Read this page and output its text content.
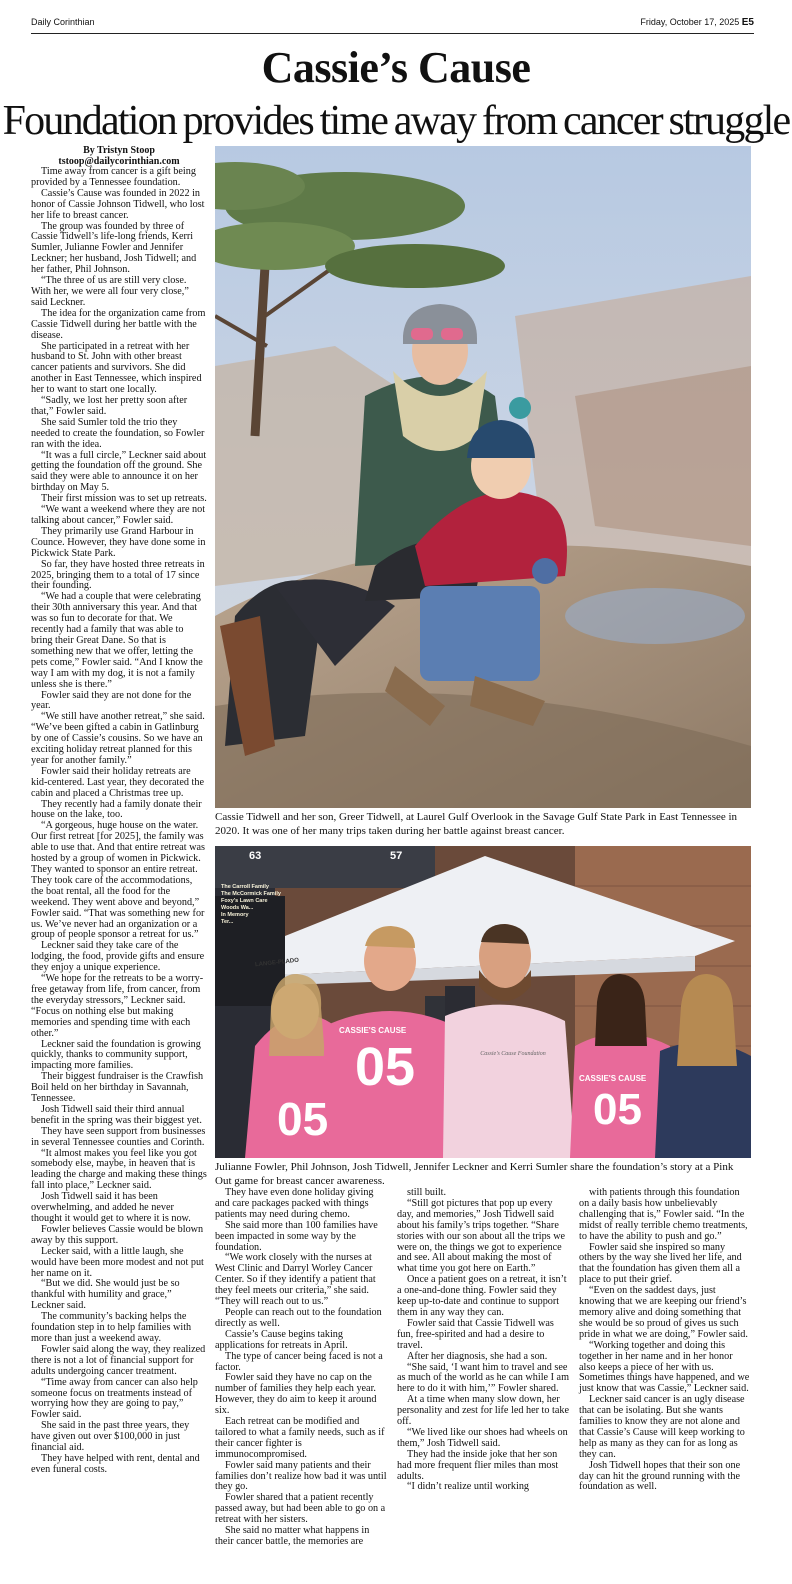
Daily Corinthian	Friday, October 17, 2025 E5
Cassie’s Cause
Foundation provides time away from cancer struggle

By Tristyn Stoop

tstoop@dailycorinthian.com

Time away from cancer is a gift being provided by a Tennessee foundation.

Cassie’s Cause was founded in 2022 in honor of Cassie Johnson Tidwell, who lost her life to breast cancer.

The group was founded by three of Cassie Tidwell’s life-long friends, Kerri Sumler, Julianne Fowler and Jennifer Leckner; her husband, Josh Tidwell; and her father, Phil Johnson.

“The three of us are still very close. With her, we were all four very close,” said Leckner.

The idea for the organization came from Cassie Tidwell during her battle with the disease.

She participated in a retreat with her husband to St. John with other breast cancer patients and survivors. She did another in East Tennessee, which inspired her to want to start one locally.

“Sadly, we lost her pretty soon after that,” Fowler said.

She said Sumler told the trio they needed to create the foundation, so Fowler ran with the idea.

“It was a full circle,” Leckner said about getting the foundation off the ground. She said they were able to announce it on her birthday on May 5.

Their first mission was to set up retreats.

“We want a weekend where they are not talking about cancer,” Fowler said.

They primarily use Grand Harbour in Counce. However, they have done some in Pickwick State Park.

So far, they have hosted three retreats in 2025, bringing them to a total of 17 since their founding.

“We had a couple that were celebrating their 30th anniversary this year. And that was so fun to decorate for that. We recently had a family that was able to bring their Great Dane. So that is something new that we offer, letting the pets come,” Fowler said. “And I know the way I am with my dog, it is not a family unless she is there.”

Fowler said they are not done for the year.

“We still have another retreat,” she said. “We’ve been gifted a cabin in Gatlinburg by one of Cassie’s cousins. So we have an exciting holiday retreat planned for this year for another family.”

Fowler said their holiday retreats are kid-centered. Last year, they decorated the cabin and placed a Christmas tree up.

They recently had a family donate their house on the lake, too.

“A gorgeous, huge house on the water. Our first retreat [for 2025], the family was able to use that. And that entire retreat was hosted by a group of women in Pickwick. They wanted to sponsor an entire retreat. They took care of the accommodations, the boat rental, all the food for the weekend. They went above and beyond,” Fowler said. “That was something new for us. We’ve never had an organization or a group of people sponsor a retreat for us.”

Leckner said they take care of the lodging, the food, provide gifts and ensure they enjoy a unique experience.

“We hope for the retreats to be a worry-free getaway from life, from cancer, from the everyday stressors,” Leckner said. “Focus on nothing else but making memories and spending time with each other.”

Leckner said the foundation is growing quickly, thanks to community support, impacting more families.

Their biggest fundraiser is the Crawfish Boil held on her birthday in Savannah, Tennessee.

Josh Tidwell said their third annual benefit in the spring was their biggest yet.

They have seen support from businesses in several Tennessee counties and Corinth.

“It almost makes you feel like you got somebody else, maybe, in heaven that is leading the charge and making these things fall into place,” Leckner said.

Josh Tidwell said it has been overwhelming, and added he never thought it would get to where it is now.

Fowler believes Cassie would be blown away by this support.

Lecker said, with a little laugh, she would have been more modest and not put her name on it.

“But we did. She would just be so thankful with humility and grace,” Leckner said.

The community’s backing helps the foundation step in to help families with more than just a weekend away.

Fowler said along the way, they realized there is not a lot of financial support for adults undergoing cancer treatment.

“Time away from cancer can also help someone focus on treatments instead of worrying how they are going to pay,” Fowler said.

She said in the past three years, they have given out over $100,000 in just financial aid.

They have helped with rent, dental and even funeral costs.

Cassie Tidwell and her son, Greer Tidwell, at Laurel Gulf Overlook in the Savage Gulf State Park in East Tennessee in 2020. It was one of her many trips taken during her battle against breast cancer.
The Carroll Family
The McCormick Family
Foxy's Lawn Care
Woods Wa...
In Memory
Ter...
63	57
LANGE-PLADO
CASSIE'S CAUSE
05
05
Cassie's Cause Foundation
CASSIE'S CAUSE
05
Julianne Fowler, Phil Johnson, Josh Tidwell, Jennifer Leckner and Kerri Sumler share the foundation’s story at a Pink Out game for breast cancer awareness.

They have even done holiday giving and care packages packed with things patients may need during chemo.

She said more than 100 families have been impacted in some way by the foundation.

“We work closely with the nurses at West Clinic and Darryl Worley Cancer Center. So if they identify a patient that they feel meets our criteria,” she said. “They will reach out to us.”

People can reach out to the foundation directly as well.

Cassie’s Cause begins taking applications for retreats in April.

The type of cancer being faced is not a factor.

Fowler said they have no cap on the number of families they help each year. However, they do aim to keep it around six.

Each retreat can be modified and tailored to what a family needs, such as if their cancer fighter is immunocompromised.

Fowler said many patients and their families don’t realize how bad it was until they go.

Fowler shared that a patient recently passed away, but had been able to go on a retreat with her sisters.

She said no matter what happens in their cancer battle, the memories are

still built.

“Still got pictures that pop up every day, and memories,” Josh Tidwell said about his family’s trips together. “Share stories with our son about all the trips we were on, the things we got to experience and see. All about making the most of what time you got here on Earth.”

Once a patient goes on a retreat, it isn’t a one-and-done thing. Fowler said they keep up-to-date and continue to support them in any way they can.

Fowler said that Cassie Tidwell was fun, free-spirited and had a desire to travel.

After her diagnosis, she had a son.

“She said, ‘I want him to travel and see as much of the world as he can while I am here to do it with him,’” Fowler shared.

At a time when many slow down, her personality and zest for life led her to take off.

“We lived like our shoes had wheels on them,” Josh Tidwell said.

They had the inside joke that her son had more frequent flier miles than most adults.

“I didn’t realize until working

with patients through this foundation on a daily basis how unbelievably challenging that is,” Fowler said. “In the midst of really terrible chemo treatments, to have the ability to push and go.”

Fowler said she inspired so many others by the way she lived her life, and that the foundation has given them all a place to put their grief.

“Even on the saddest days, just knowing that we are keeping our friend’s memory alive and doing something that she would be so proud of gives us such pride in what we are doing,” Fowler said.

“Working together and doing this together in her name and in her honor also keeps a piece of her with us. Sometimes things have happened, and we just know that was Cassie,” Leckner said.

Leckner said cancer is an ugly disease that can be isolating. But she wants families to know they are not alone and that Cassie’s Cause will keep working to help as many as they can for as long as they can.

Josh Tidwell hopes that their son one day can hit the ground running with the foundation as well.
